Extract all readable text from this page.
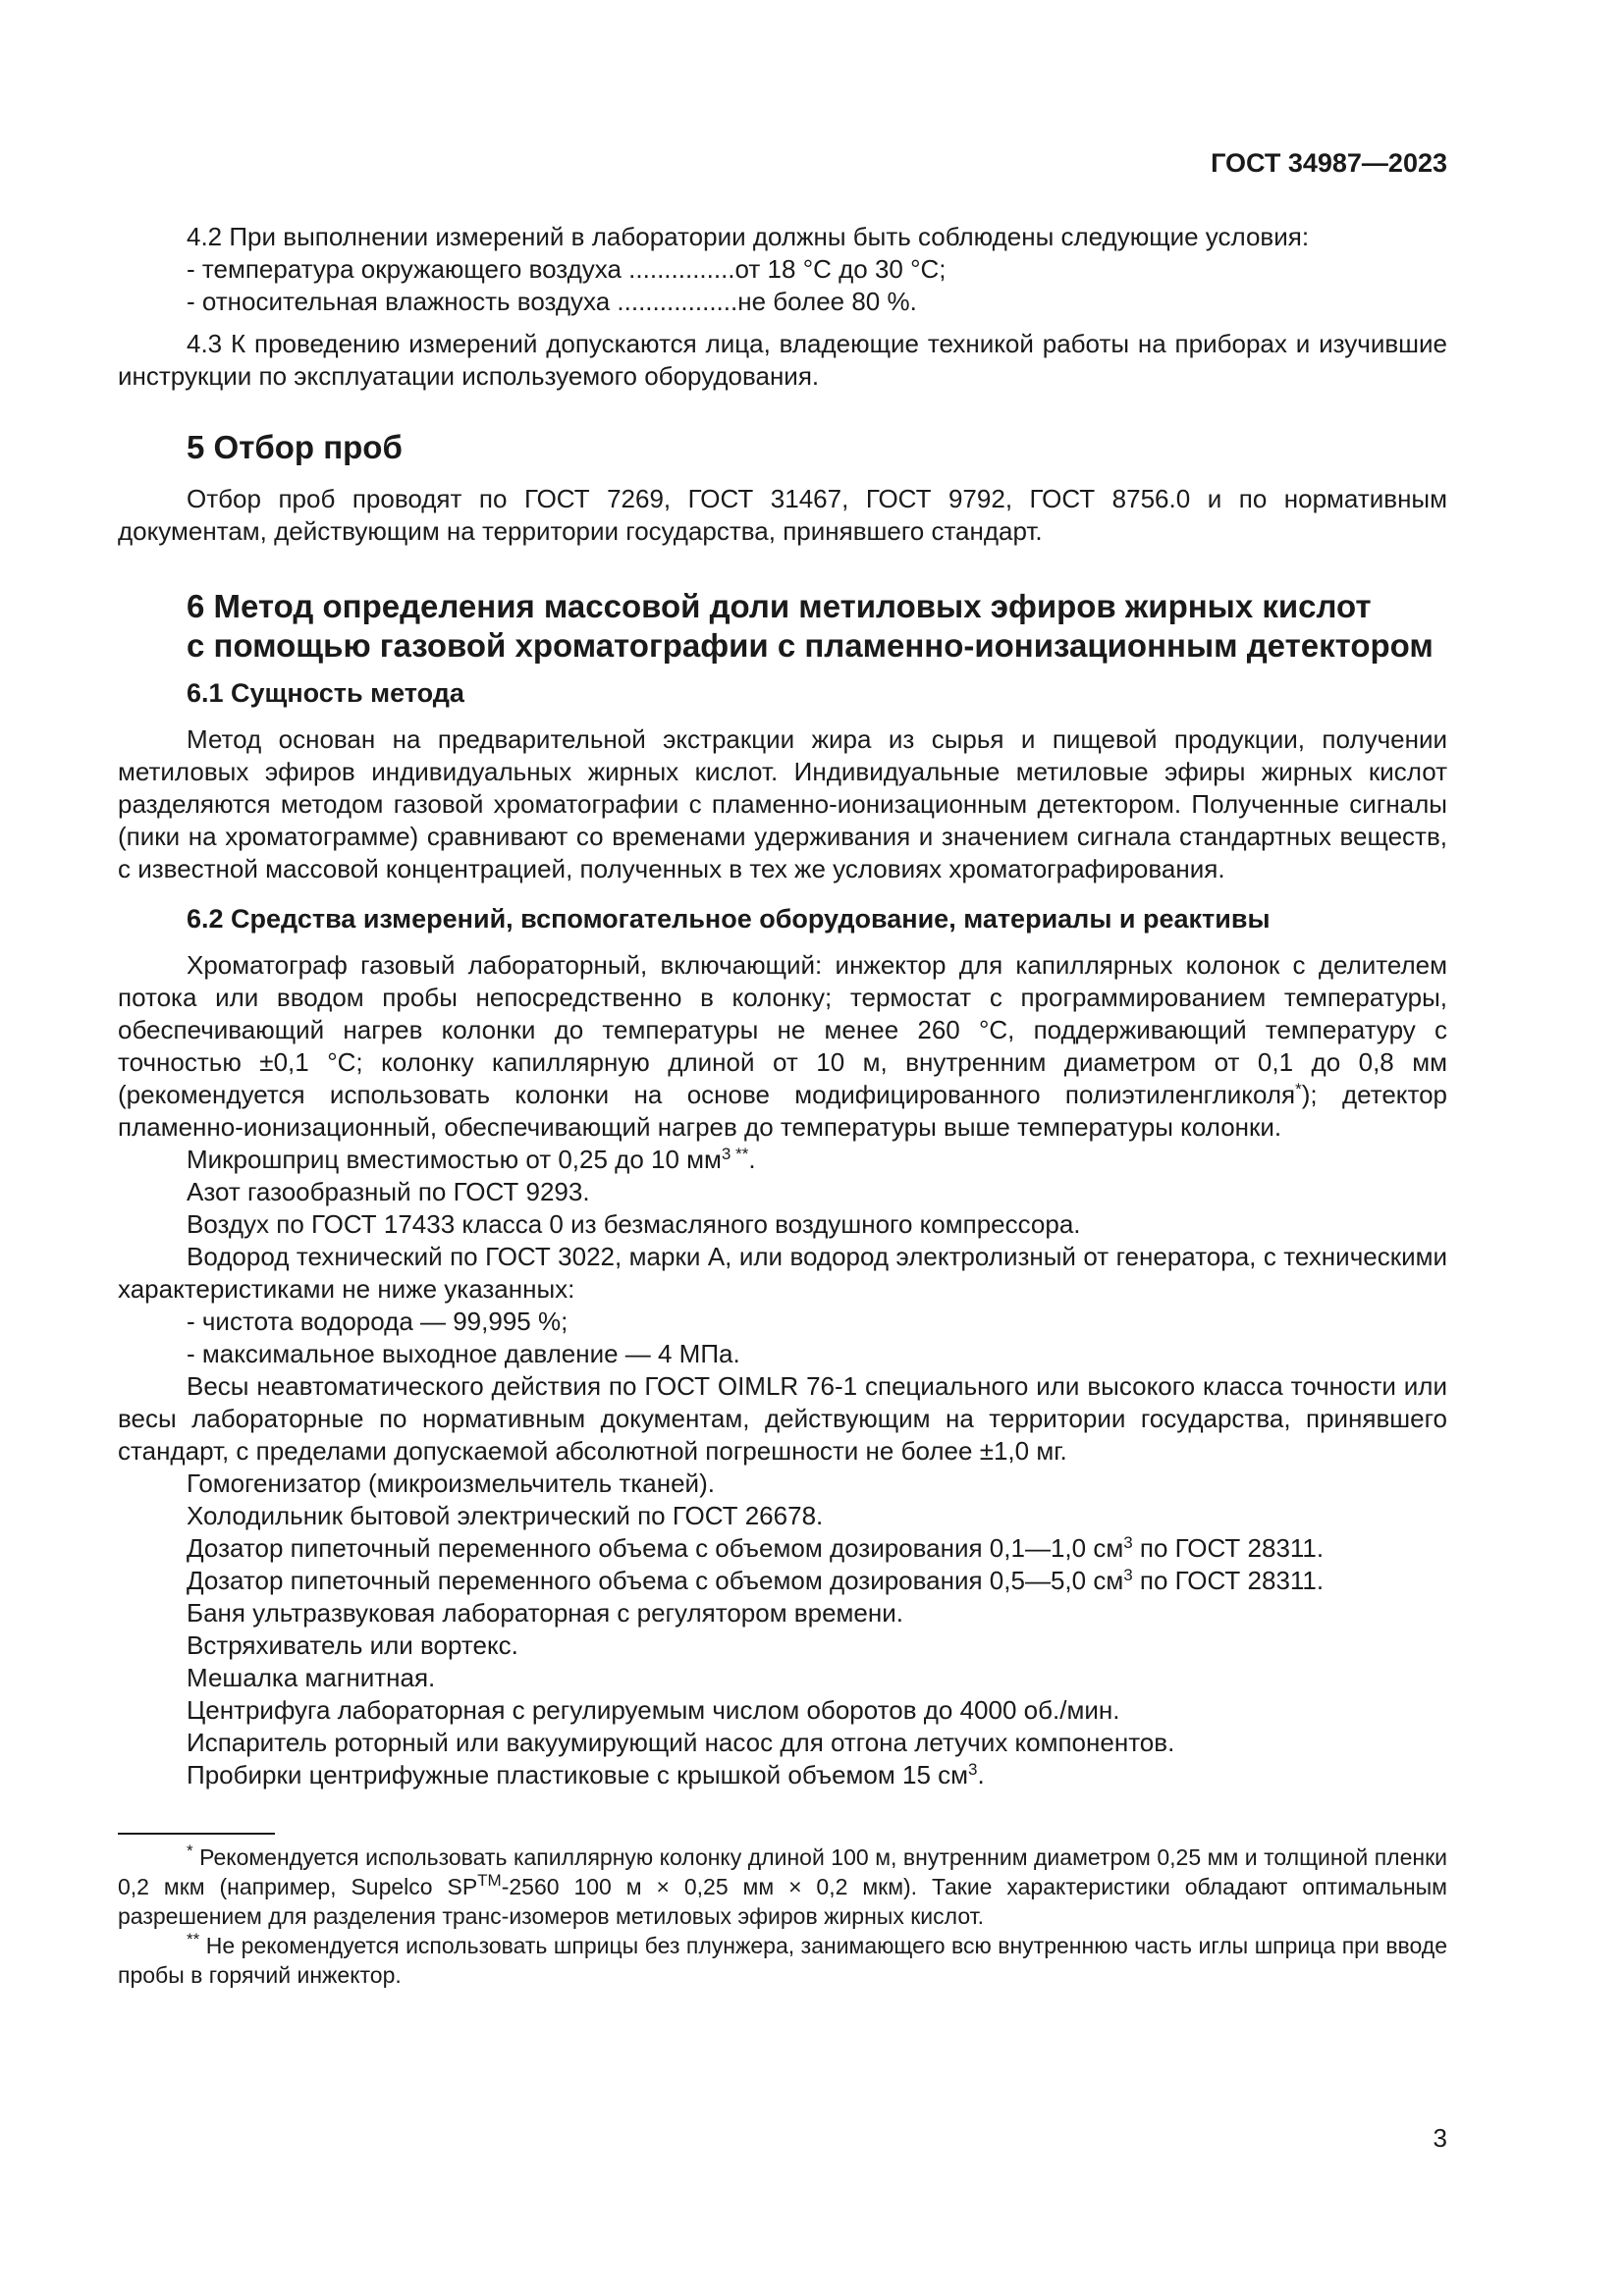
ГОСТ 34987—2023

4.2 При выполнении измерений в лаборатории должны быть соблюдены следующие условия:

- температура окружающего воздуха ...............от 18 °С до 30 °С;

- относительная влажность воздуха .................не более 80 %.

4.3 К проведению измерений допускаются лица, владеющие техникой работы на приборах и изучившие инструкции по эксплуатации используемого оборудования.

5 Отбор проб

Отбор проб проводят по ГОСТ 7269, ГОСТ 31467, ГОСТ 9792, ГОСТ 8756.0 и по нормативным документам, действующим на территории государства, принявшего стандарт.

6 Метод определения массовой доли метиловых эфиров жирных кислот
с помощью газовой хроматографии с пламенно-ионизационным детектором
6.1 Сущность метода

Метод основан на предварительной экстракции жира из сырья и пищевой продукции, получении метиловых эфиров индивидуальных жирных кислот. Индивидуальные метиловые эфиры жирных кислот разделяются методом газовой хроматографии с пламенно-ионизационным детектором. Полученные сигналы (пики на хроматограмме) сравнивают со временами удерживания и значением сигнала стандартных веществ, с известной массовой концентрацией, полученных в тех же условиях хроматографирования.

6.2 Средства измерений, вспомогательное оборудование, материалы и реактивы

Хроматограф газовый лабораторный, включающий: инжектор для капиллярных колонок с делителем потока или вводом пробы непосредственно в колонку; термостат с программированием температуры, обеспечивающий нагрев колонки до температуры не менее 260 °С, поддерживающий температуру с точностью ±0,1 °С; колонку капиллярную длиной от 10 м, внутренним диаметром от 0,1 до 0,8 мм (рекомендуется использовать колонки на основе модифицированного полиэтиленгликоля*); детектор пламенно-ионизационный, обеспечивающий нагрев до температуры выше температуры колонки.

Микрошприц вместимостью от 0,25 до 10 $мм^{3 **}$.

Азот газообразный по ГОСТ 9293.

Воздух по ГОСТ 17433 класса 0 из безмасляного воздушного компрессора.

Водород технический по ГОСТ 3022, марки А, или водород электролизный от генератора, с техническими характеристиками не ниже указанных:

- чистота водорода — 99,995 %;

- максимальное выходное давление — 4 МПа.

Весы неавтоматического действия по ГОСТ OIMLR 76-1 специального или высокого класса точности или весы лабораторные по нормативным документам, действующим на территории государства, принявшего стандарт, с пределами допускаемой абсолютной погрешности не более ±1,0 мг.

Гомогенизатор (микроизмельчитель тканей).

Холодильник бытовой электрический по ГОСТ 26678.

Дозатор пипеточный переменного объема с объемом дозирования 0,1—1,0 $см^3$ по ГОСТ 28311.

Дозатор пипеточный переменного объема с объемом дозирования 0,5—5,0 $см^3$ по ГОСТ 28311.

Баня ультразвуковая лабораторная с регулятором времени.

Встряхиватель или вортекс.

Мешалка магнитная.

Центрифуга лабораторная с регулируемым числом оборотов до 4000 об./мин.

Испаритель роторный или вакуумирующий насос для отгона летучих компонентов.

Пробирки центрифужные пластиковые с крышкой объемом 15 $см^3$.

* Рекомендуется использовать капиллярную колонку длиной 100 м, внутренним диаметром 0,25 мм и толщиной пленки 0,2 мкм (например, Supelco SP™-2560 100 м × 0,25 мм × 0,2 мкм). Такие характеристики обладают оптимальным разрешением для разделения транс-изомеров метиловых эфиров жирных кислот.

** Не рекомендуется использовать шприцы без плунжера, занимающего всю внутреннюю часть иглы шприца при вводе пробы в горячий инжектор.

3
